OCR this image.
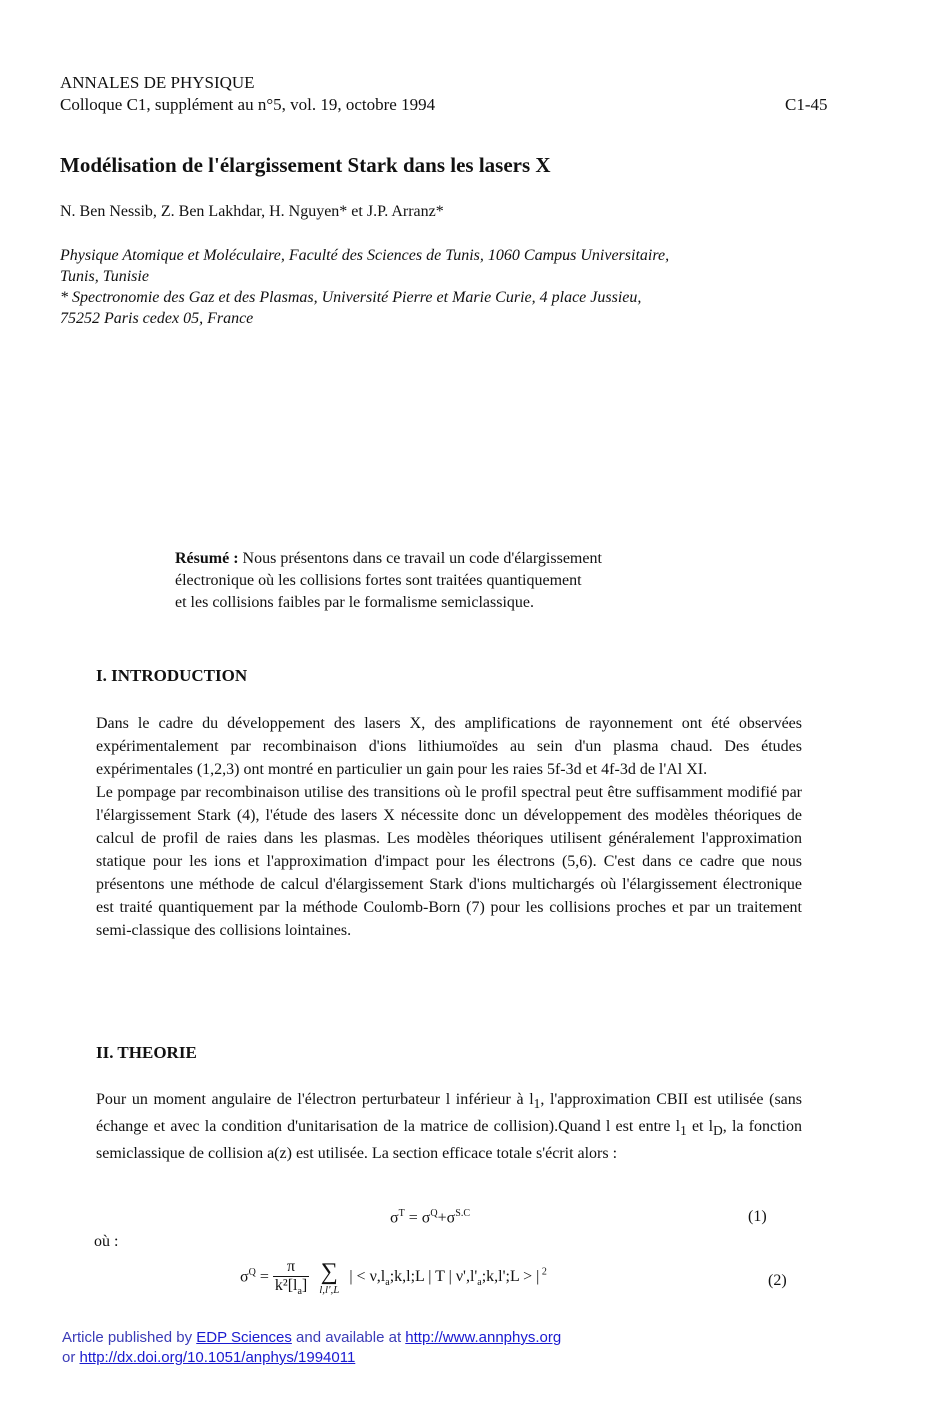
ANNALES DE PHYSIQUE
Colloque C1, supplément au n°5, vol. 19, octobre 1994	C1-45
Modélisation de l'élargissement Stark dans les lasers X
N. Ben Nessib, Z. Ben Lakhdar, H. Nguyen* et J.P. Arranz*
Physique Atomique et Moléculaire, Faculté des Sciences de Tunis, 1060 Campus Universitaire,
Tunis, Tunisie
* Spectronomie des Gaz et des Plasmas, Université Pierre et Marie Curie, 4 place Jussieu,
75252 Paris cedex 05, France
Résumé : Nous présentons dans ce travail un code d'élargissement
électronique où les collisions fortes sont traitées quantiquement
et les collisions faibles par le formalisme semiclassique.
I. INTRODUCTION
Dans le cadre du développement des lasers X, des amplifications de rayonnement ont été observées expérimentalement par recombinaison d'ions lithiumoïdes au sein d'un plasma chaud. Des études expérimentales (1,2,3) ont montré en particulier un gain pour les raies 5f-3d et 4f-3d de l'Al XI.
Le pompage par recombinaison utilise des transitions où le profil spectral peut être suffisamment modifié par l'élargissement Stark (4), l'étude des lasers X nécessite donc un développement des modèles théoriques de calcul de profil de raies dans les plasmas. Les modèles théoriques utilisent généralement l'approximation statique pour les ions et l'approximation d'impact pour les électrons (5,6). C'est dans ce cadre que nous présentons une méthode de calcul d'élargissement Stark d'ions multichargés où l'élargissement électronique est traité quantiquement par la méthode Coulomb-Born (7) pour les collisions proches et par un traitement semi-classique des collisions lointaines.
II. THEORIE
Pour un moment angulaire de l'électron perturbateur l inférieur à $l_1$, l'approximation CBII est utilisée (sans échange et avec la condition d'unitarisation de la matrice de collision).Quand l est entre $l_1$ et $l_D$, la fonction semiclassique de collision a(z) est utilisée. La section efficace totale s'écrit alors :
$\sigma^T = \sigma^Q+\sigma^{S.C}$	(1)
où :
$\sigma^Q = \frac{\pi}{k^2[l_a]}$ ∑
l,l',L
| < $\nu,l_a;k,l;L$ | T | $\nu',l'_a;k,l';L$ > | $^2$	(2)
Article published by EDP Sciences and available at http://www.annphys.org
or http://dx.doi.org/10.1051/anphys/1994011
